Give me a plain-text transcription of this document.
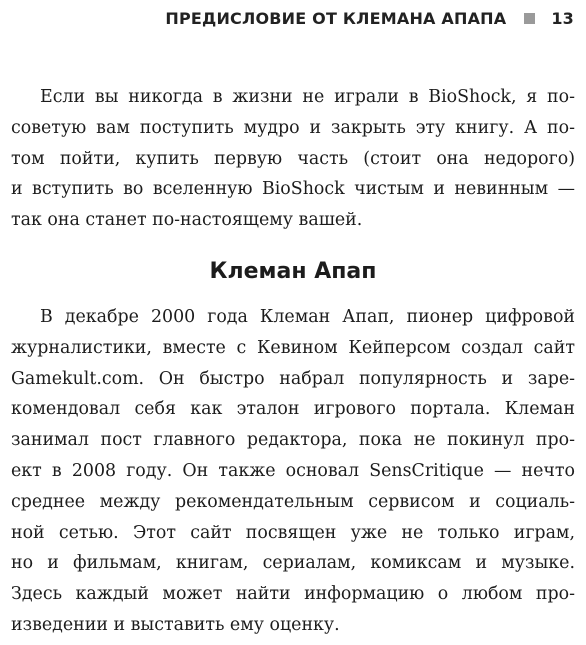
ПРЕДИСЛОВИЕ ОТ КЛЕМАНА АПАПА	13

Если вы никогда в жизни не играли в BioShock, я по-
советую вам поступить мудро и закрыть эту книгу. А по-
том пойти, купить первую часть (стоит она недорого)
и вступить во вселенную BioShock чистым и невинным —
так она станет по-настоящему вашей.

Клеман Апап

В декабре 2000 года Клеман Апап, пионер цифровой
журналистики, вместе с Кевином Кейперсом создал сайт
Gamekult.com. Он быстро набрал популярность и заре-
комендовал себя как эталон игрового портала. Клеман
занимал пост главного редактора, пока не покинул про-
ект в 2008 году. Он также основал SensCritique — нечто
среднее между рекомендательным сервисом и социаль-
ной сетью. Этот сайт посвящен уже не только играм,
но и фильмам, книгам, сериалам, комиксам и музыке.
Здесь каждый может найти информацию о любом про-
изведении и выставить ему оценку.
